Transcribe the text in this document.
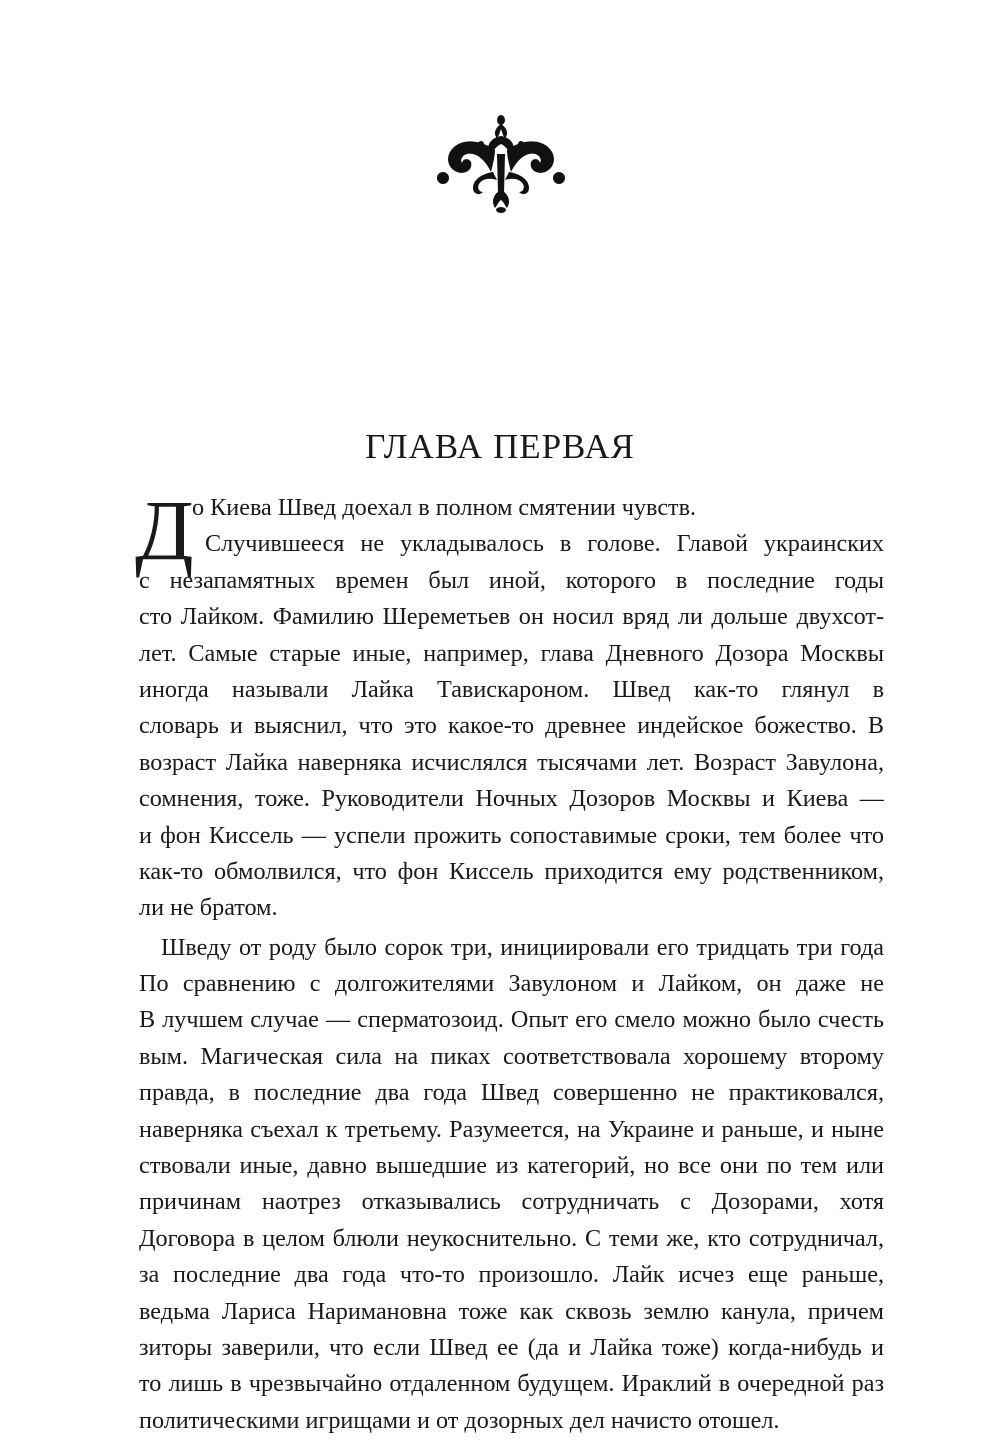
ГЛАВА ПЕРВАЯ
Д
о Киева Швед доехал в полном смятении чувств.
Случившееся не укладывалось в голове. Главой украинских
с незапамятных времен был иной, которого в последние годы
сто Лайком. Фамилию Шереметьев он носил вряд ли дольше двухсот-
лет. Самые старые иные, например, глава Дневного Дозора Москвы
иногда называли Лайка Тавискароном. Швед как-то глянул в
словарь и выяснил, что это какое-то древнее индейское божество. В
возраст Лайка наверняка исчислялся тысячами лет. Возраст Завулона,
сомнения, тоже. Руководители Ночных Дозоров Москвы и Киева —
и фон Киссель — успели прожить сопоставимые сроки, тем более что
как-то обмолвился, что фон Киссель приходится ему родственником,
ли не братом.
Шведу от роду было сорок три, инициировали его тридцать три года
По сравнению с долгожителями Завулоном и Лайком, он даже не
В лучшем случае — сперматозоид. Опыт его смело можно было счесть
вым. Магическая сила на пиках соответствовала хорошему второму
правда, в последние два года Швед совершенно не практиковался,
наверняка съехал к третьему. Разумеется, на Украине и раньше, и ныне
ствовали иные, давно вышедшие из категорий, но все они по тем или
причинам наотрез отказывались сотрудничать с Дозорами, хотя
Договора в целом блюли неукоснительно. С теми же, кто сотрудничал,
за последние два года что-то произошло. Лайк исчез еще раньше,
ведьма Лариса Наримановна тоже как сквозь землю канула, причем
зиторы заверили, что если Швед ее (да и Лайка тоже) когда-нибудь и
то лишь в чрезвычайно отдаленном будущем. Ираклий в очередной раз
политическими игрищами и от дозорных дел начисто отошел.
